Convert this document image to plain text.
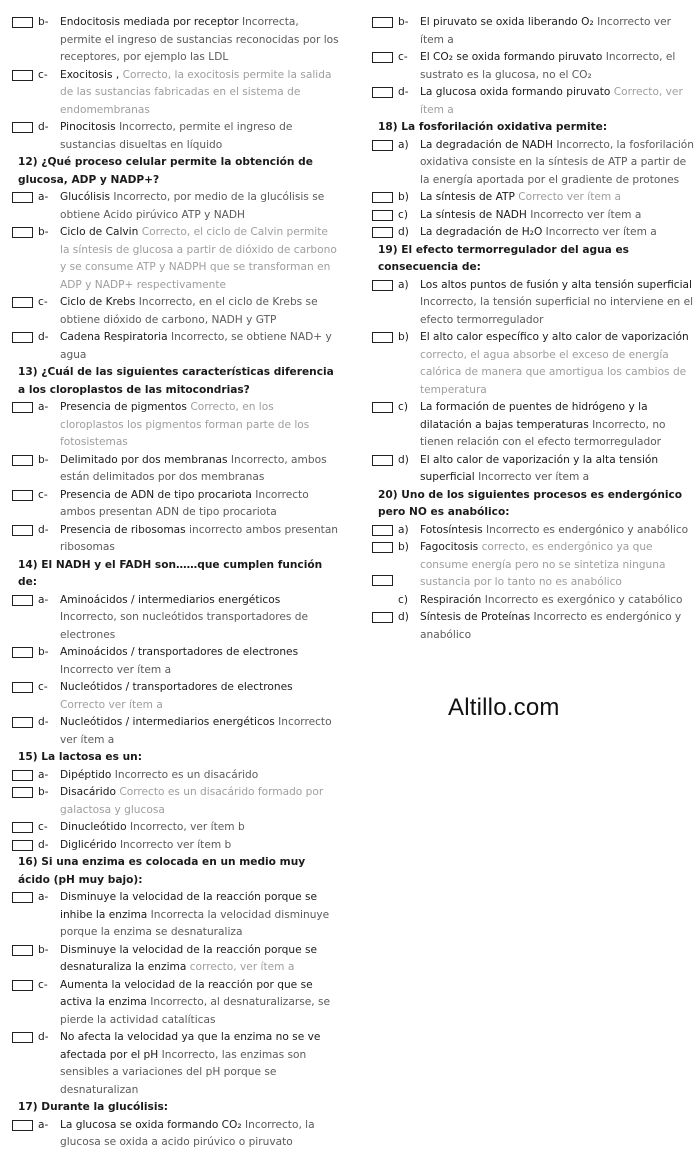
b- Endocitosis mediada por receptor Incorrecta, permite el ingreso de sustancias reconocidas por los receptores, por ejemplo las LDL
c- Exocitosis , Correcto, la exocitosis permite la salida de las sustancias fabricadas en el sistema de endomembranas
d- Pinocitosis Incorrecto, permite el ingreso de sustancias disueltas en líquido
12) ¿Qué proceso celular permite la obtención de glucosa, ADP y NADP+?
a- Glucólisis Incorrecto, por medio de la glucólisis se obtiene Acido pirúvico ATP y NADH
b- Ciclo de Calvin Correcto, el ciclo de Calvin permite la síntesis de glucosa a partir de dióxido de carbono y se consume ATP y NADPH que se transforman en ADP y NADP+ respectivamente
c- Ciclo de Krebs Incorrecto, en el ciclo de Krebs se obtiene dióxido de carbono, NADH y GTP
d- Cadena Respiratoria Incorrecto, se obtiene NAD+ y agua
13) ¿Cuál de las siguientes características diferencia a los cloroplastos de las mitocondrias?
a- Presencia de pigmentos Correcto, en los cloroplastos los pigmentos forman parte de los fotosistemas
b- Delimitado por dos membranas Incorrecto, ambos están delimitados por dos membranas
c- Presencia de ADN de tipo procariota Incorrecto ambos presentan ADN de tipo procariota
d- Presencia de ribosomas incorrecto ambos presentan ribosomas
14) El NADH y el FADH son……que cumplen función de:
a- Aminoácidos / intermediarios energéticos Incorrecto, son nucleótidos transportadores de electrones
b- Aminoácidos / transportadores de electrones Incorrecto ver ítem a
c- Nucleótidos / transportadores de electrones Correcto ver ítem a
d- Nucleótidos / intermediarios energéticos Incorrecto ver ítem a
15) La lactosa es un:
a- Dipéptido Incorrecto es un disacárido
b- Disacárido Correcto es un disacárido formado por galactosa y glucosa
c- Dinucleótido Incorrecto, ver ítem b
d- Diglicérido Incorrecto ver ítem b
16) Si una enzima es colocada en un medio muy ácido (pH muy bajo):
a- Disminuye la velocidad de la reacción porque se inhibe la enzima Incorrecta la velocidad disminuye porque la enzima se desnaturaliza
b- Disminuye la velocidad de la reacción porque se desnaturaliza la enzima correcto, ver ítem a
c- Aumenta la velocidad de la reacción por que se activa la enzima Incorrecto, al desnaturalizarse, se pierde la actividad catalíticas
d- No afecta la velocidad ya que la enzima no se ve afectada por el pH Incorrecto, las enzimas son sensibles a variaciones del pH porque se desnaturalizan
17) Durante la glucólisis:
a- La glucosa se oxida formando CO₂ Incorrecto, la glucosa se oxida a acido pirúvico o piruvato
b- El piruvato se oxida liberando O₂ Incorrecto ver ítem a
c- El CO₂ se oxida formando piruvato Incorrecto, el sustrato es la glucosa, no el CO₂
d- La glucosa oxida formando piruvato Correcto, ver ítem a
18) La fosforilación oxidativa permite:
a) La degradación de NADH Incorrecto, la fosforilación oxidativa consiste en la síntesis de ATP a partir de la energía aportada por el gradiente de protones
b) La síntesis de ATP Correcto ver ítem a
c) La síntesis de NADH Incorrecto ver ítem a
d) La degradación de H₂O Incorrecto ver ítem a
19) El efecto termorregulador del agua es consecuencia de:
a) Los altos puntos de fusión y alta tensión superficial Incorrecto, la tensión superficial no interviene en el efecto termorregulador
b) El alto calor específico y alto calor de vaporización correcto, el agua absorbe el exceso de energía calórica de manera que amortigua los cambios de temperatura
c) La formación de puentes de hidrógeno y la dilatación a bajas temperaturas Incorrecto, no tienen relación con el efecto termorregulador
d) El alto calor de vaporización y la alta tensión superficial Incorrecto ver ítem a
20) Uno de los siguientes procesos es endergónico pero NO es anabólico:
a) Fotosíntesis Incorrecto es endergónico y anabólico
b) Fagocitosis correcto, es endergónico ya que consume energía pero no se sintetiza ninguna sustancia por lo tanto no es anabólico
c) Respiración Incorrecto es exergónico y catabólico
d) Síntesis de Proteínas Incorrecto es endergónico y anabólico
Altillo.com
